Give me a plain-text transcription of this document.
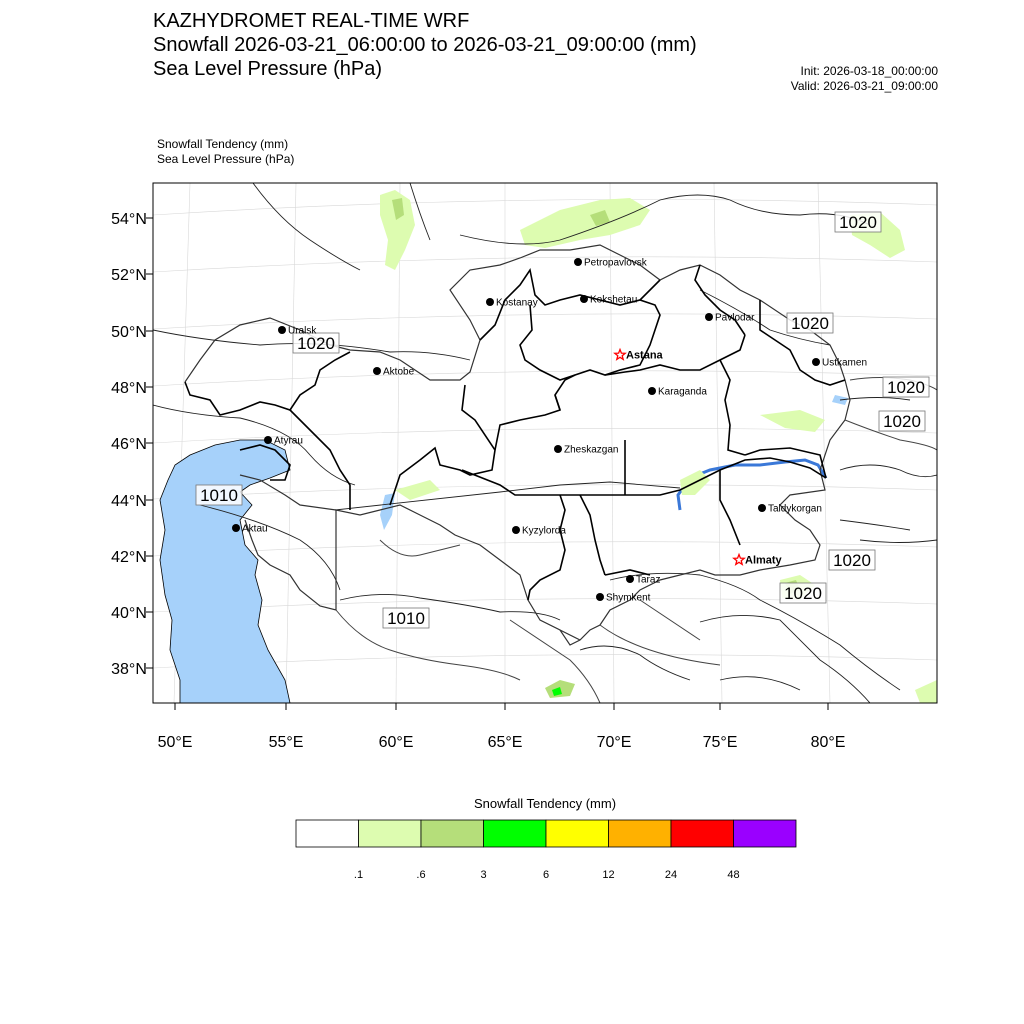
KAZHYDROMET REAL-TIME WRF
Snowfall 2026-03-21_06:00:00 to 2026-03-21_09:00:00 (mm)
Sea Level Pressure (hPa)	Init: 2026-03-18_00:00:00
Valid: 2026-03-21_09:00:00
Snowfall Tendency (mm)
Sea Level Pressure (hPa)
1020
1020
1020
1020
1020
1010
1020
1020
1010
Petropavlovsk
Kostanay	Kokshetau
Pavlodar
Uralsk
Astana
Aktobe
Ustkamen
Karaganda
Atyrau
Zheskazgan
Taldykorgan
Aktau	Kyzylorda
Almaty
Taraz
Shymkent
54°N
52°N
50°N
48°N
46°N
44°N
42°N
40°N
38°N
50°E	55°E	60°E	65°E	70°E	75°E	80°E
.1	.6	3	6	12	24	48
Snowfall Tendency (mm)
